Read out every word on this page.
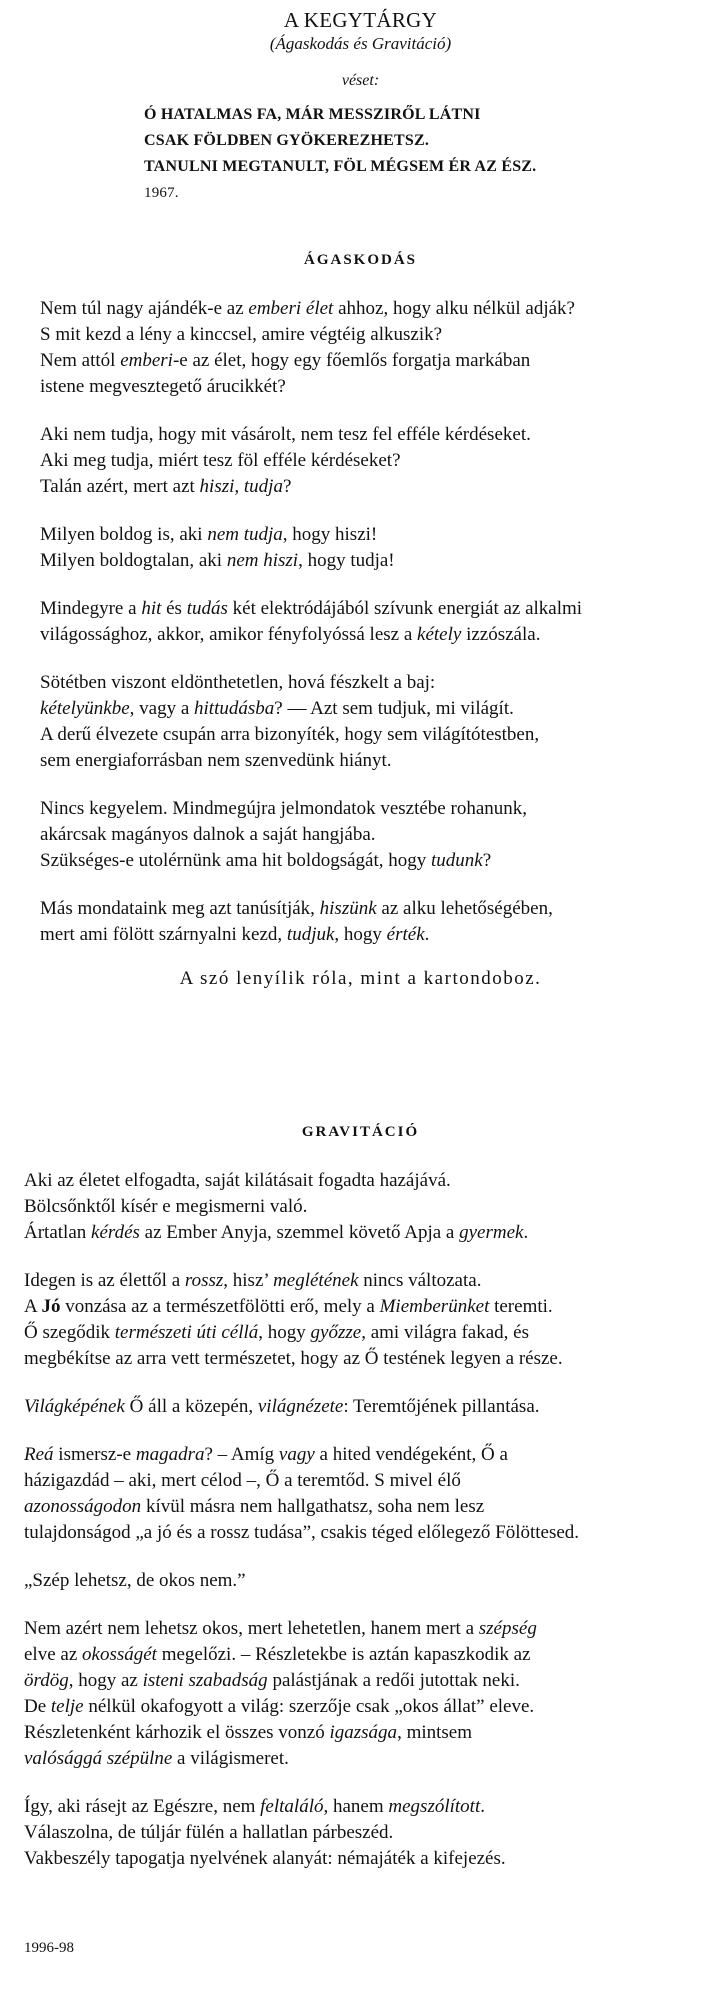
A KEGYTÁRGY
(Ágaskodás és Gravitáció)
véset:
Ó HATALMAS FA, MÁR MESSZIRŐL LÁTNI
CSAK FÖLDBEN GYÖKEREZHETSZ.
TANULNI MEGTANULT, FÖL MÉGSEM ÉR AZ ÉSZ.
1967.
ÁGASKODÁS

Nem túl nagy ajándék-e az emberi élet ahhoz, hogy alku nélkül adják?
S mit kezd a lény a kinccsel, amire végtéig alkuszik?
Nem attól emberi-e az élet, hogy egy főemlős forgatja markában
istene megvesztegető árucikkét?

Aki nem tudja, hogy mit vásárolt, nem tesz fel efféle kérdéseket.
Aki meg tudja, miért tesz föl efféle kérdéseket?
Talán azért, mert azt hiszi, tudja?

Milyen boldog is, aki nem tudja, hogy hiszi!
Milyen boldogtalan, aki nem hiszi, hogy tudja!

Mindegyre a hit és tudás két elektródájából szívunk energiát az alkalmi
világossághoz, akkor, amikor fényfolyóssá lesz a kétely izzószála.

Sötétben viszont eldönthetetlen, hová fészkelt a baj:
kételyünkbe, vagy a hittudásba? — Azt sem tudjuk, mi világít.
A derű élvezete csupán arra bizonyíték, hogy sem világítótestben,
sem energiaforrásban nem szenvedünk hiányt.

Nincs kegyelem. Mindmegújra jelmondatok vesztébe rohanunk,
akárcsak magányos dalnok a saját hangjába.
Szükséges-e utolérnünk ama hit boldogságát, hogy tudunk?

Más mondataink meg azt tanúsítják, hiszünk az alku lehetőségében,
mert ami fölött szárnyalni kezd, tudjuk, hogy érték.

A szó lenyílik róla, mint a kartondoboz.
GRAVITÁCIÓ

Aki az életet elfogadta, saját kilátásait fogadta hazájává.
Bölcsőnktől kísér e megismerni való.
Ártatlan kérdés az Ember Anyja, szemmel követő Apja a gyermek.

Idegen is az élettől a rossz, hisz’ meglétének nincs változata.
A Jó vonzása az a természetfölötti erő, mely a Miemberünket teremti.
Ő szegődik természeti úti céllá, hogy győzze, ami világra fakad, és
megbékítse az arra vett természetet, hogy az Ő testének legyen a része.

Világképének Ő áll a közepén, világnézete: Teremtőjének pillantása.

Reá ismersz-e magadra? – Amíg vagy a hited vendégeként, Ő a
házigazdád – aki, mert célod –, Ő a teremtőd. S mivel élő
azonosságodon kívül másra nem hallgathatsz, soha nem lesz
tulajdonságod „a jó és a rossz tudása”, csakis téged előlegező Fölöttesed.

„Szép lehetsz, de okos nem.”

Nem azért nem lehetsz okos, mert lehetetlen, hanem mert a szépség
elve az okosságét megelőzi. – Részletekbe is aztán kapaszkodik az
ördög, hogy az isteni szabadság palástjának a redői jutottak neki.
De telje nélkül okafogyott a világ: szerzője csak „okos állat” eleve.
Részletenként kárhozik el összes vonzó igazsága, mintsem
valósággá szépülne a világismeret.

Így, aki rásejt az Egészre, nem feltaláló, hanem megszólított.
Válaszolna, de túljár fülén a hallatlan párbeszéd.
Vakbeszély tapogatja nyelvének alanyát: némajáték a kifejezés.

1996-98
